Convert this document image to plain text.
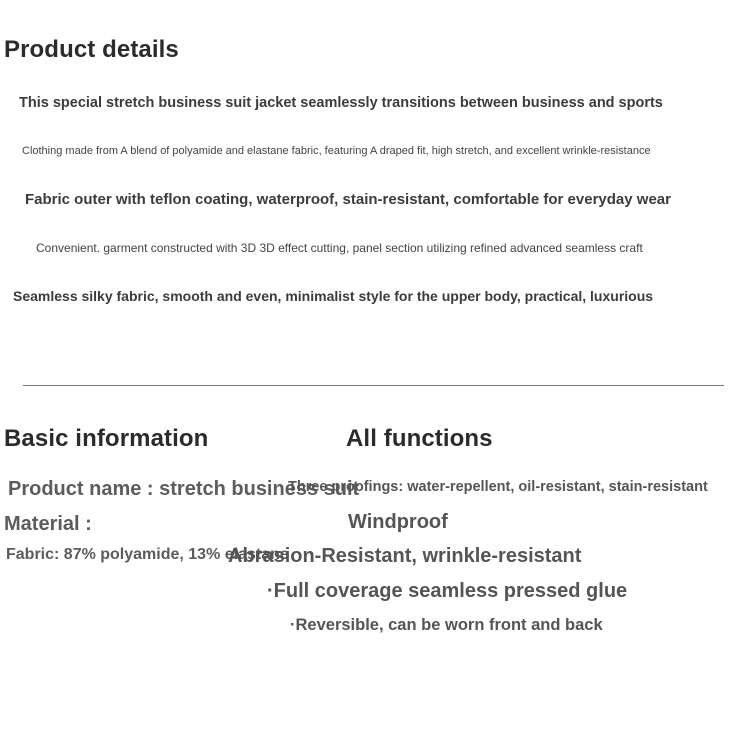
Product details

This special stretch business suit jacket seamlessly transitions between business and sports

Clothing made from A blend of polyamide and elastane fabric, featuring A draped fit, high stretch, and excellent wrinkle-resistance

Fabric outer with teflon coating, waterproof, stain-resistant, comfortable for everyday wear

Convenient. garment constructed with 3D 3D effect cutting, panel section utilizing refined advanced seamless craft

Seamless silky fabric, smooth and even, minimalist style for the upper body, practical, luxurious

Basic information	All functions

Product name : stretch business suit

Material :

Fabric: 87% polyamide, 13% elastane

Three proofings: water-repellent, oil-resistant, stain-resistant

Windproof

Abrasion-Resistant, wrinkle-resistant

·Full coverage seamless pressed glue

·Reversible, can be worn front and back
